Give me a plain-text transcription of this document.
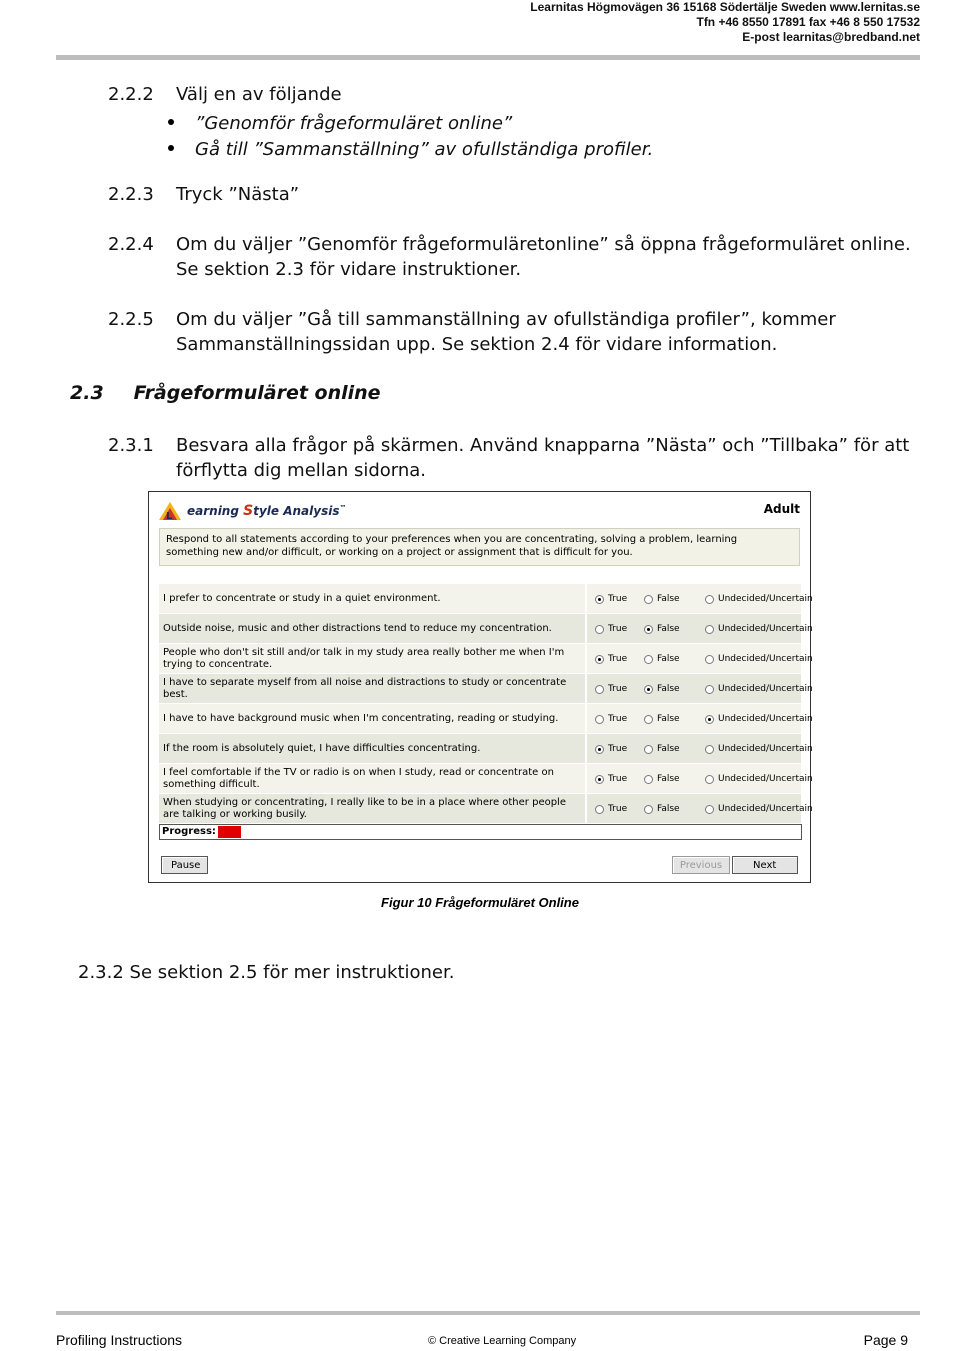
Learnitas Högmovägen 36 15168 Södertälje Sweden www.lernitas.se
Tfn +46 8550 17891 fax +46 8 550 17532
E-post learnitas@bredband.net
2.2.2 Välj en av följande
”Genomför frågeformuläret online”
Gå till ”Sammanställning” av ofullständiga profiler.
2.2.3 Tryck ”Nästa”
2.2.4 Om du väljer ”Genomför frågeformuläretonline” så öppna frågeformuläret online.
Se sektion 2.3 för vidare instruktioner.
2.2.5 Om du väljer ”Gå till sammanställning av ofullständiga profiler”, kommer
Sammanställningssidan upp. Se sektion 2.4 för vidare information.
2.3 Frågeformuläret online
2.3.1 Besvara alla frågor på skärmen. Använd knapparna ”Nästa” och ”Tillbaka” för att
förflytta dig mellan sidorna.
L earning Style Analysis™	Adult
Respond to all statements according to your preferences when you are concentrating, solving a problem, learning something new and/or difficult, or working on a project or assignment that is difficult for you.
I prefer to concentrate or study in a quiet environment.	True	False	Undecided/Uncertain
Outside noise, music and other distractions tend to reduce my concentration.	True	False	Undecided/Uncertain
People who don't sit still and/or talk in my study area really bother me when I'm trying to concentrate.	True	False	Undecided/Uncertain
I have to separate myself from all noise and distractions to study or concentrate best.	True	False	Undecided/Uncertain
I have to have background music when I'm concentrating, reading or studying.	True	False	Undecided/Uncertain
If the room is absolutely quiet, I have difficulties concentrating.	True	False	Undecided/Uncertain
I feel comfortable if the TV or radio is on when I study, read or concentrate on something difficult.	True	False	Undecided/Uncertain
When studying or concentrating, I really like to be in a place where other people are talking or working busily.	True	False	Undecided/Uncertain
Progress:
Pause	Previous	Next
Figur 10 Frågeformuläret Online
2.3.2 Se sektion 2.5 för mer instruktioner.
Profiling Instructions	© Creative Learning Company	Page 9
